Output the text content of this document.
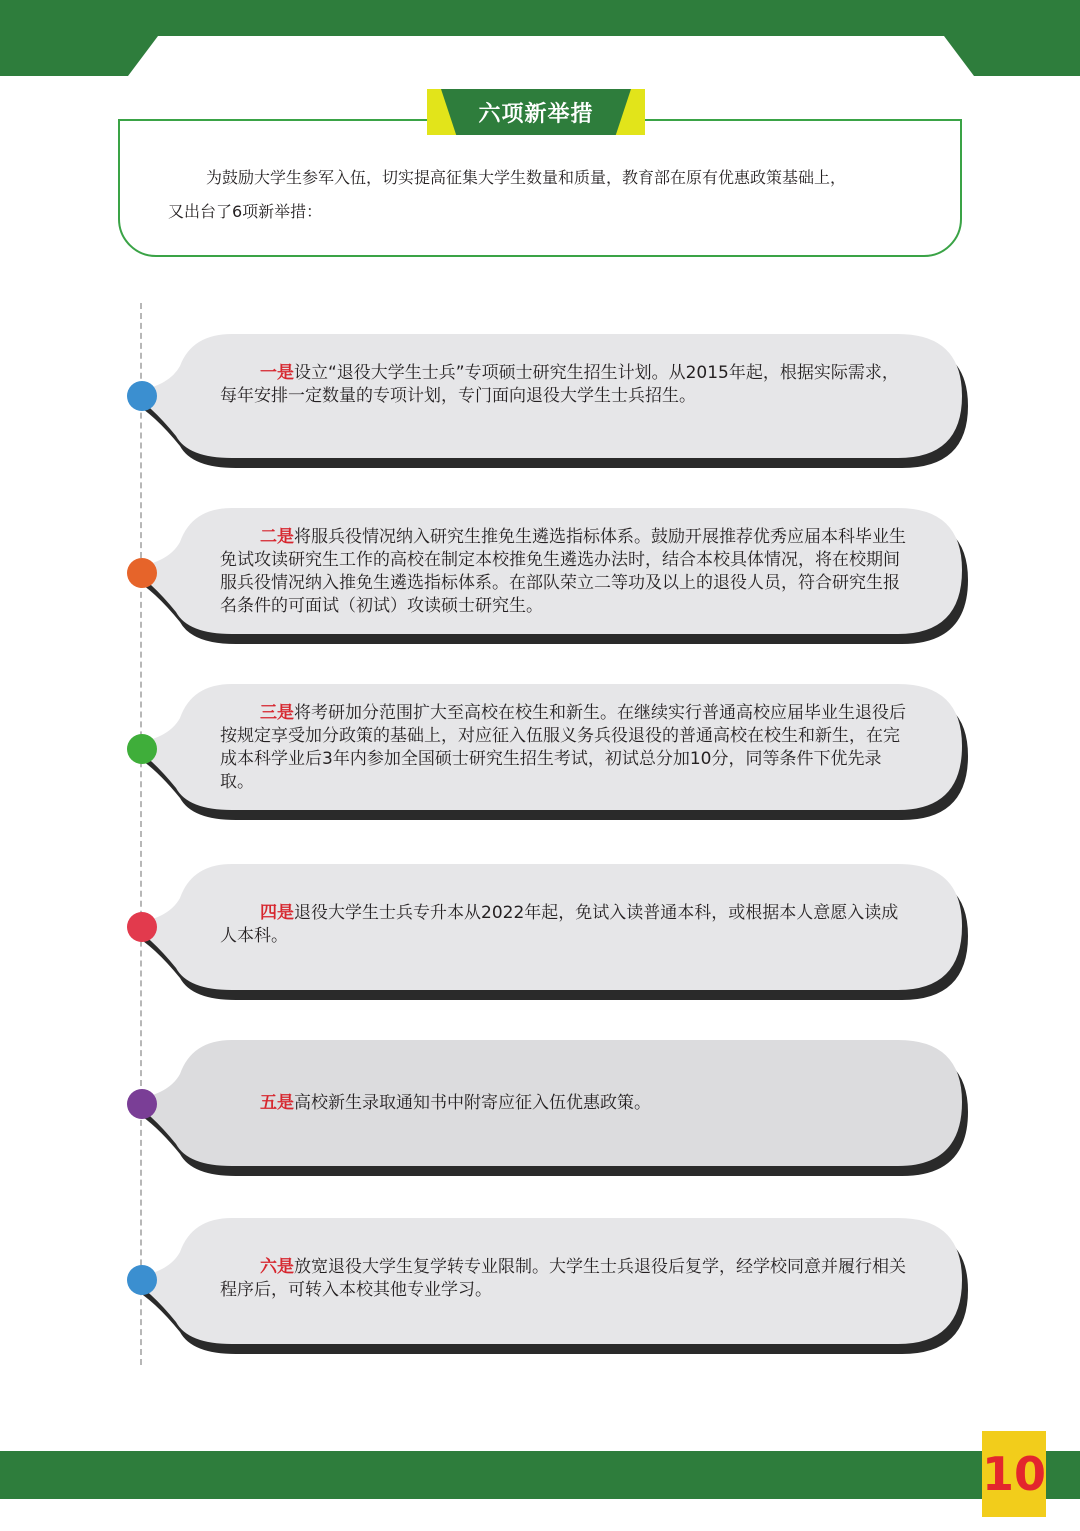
为鼓励大学生参军入伍，切实提高征集大学生数量和质量，教育部在原有优惠政策基础上，
又出台了6项新举措：
六项新举措
一是设立“退役大学生士兵”专项硕士研究生招生计划。从2015年起，根据实际需求，每年安排一定数量的专项计划，专门面向退役大学生士兵招生。
二是将服兵役情况纳入研究生推免生遴选指标体系。鼓励开展推荐优秀应届本科毕业生免试攻读研究生工作的高校在制定本校推免生遴选办法时，结合本校具体情况，将在校期间服兵役情况纳入推免生遴选指标体系。在部队荣立二等功及以上的退役人员，符合研究生报名条件的可面试（初试）攻读硕士研究生。
三是将考研加分范围扩大至高校在校生和新生。在继续实行普通高校应届毕业生退役后按规定享受加分政策的基础上，对应征入伍服义务兵役退役的普通高校在校生和新生，在完成本科学业后3年内参加全国硕士研究生招生考试，初试总分加10分，同等条件下优先录取。
四是退役大学生士兵专升本从2022年起，免试入读普通本科，或根据本人意愿入读成人本科。
五是高校新生录取通知书中附寄应征入伍优惠政策。
六是放宽退役大学生复学转专业限制。大学生士兵退役后复学，经学校同意并履行相关程序后，可转入本校其他专业学习。
10
